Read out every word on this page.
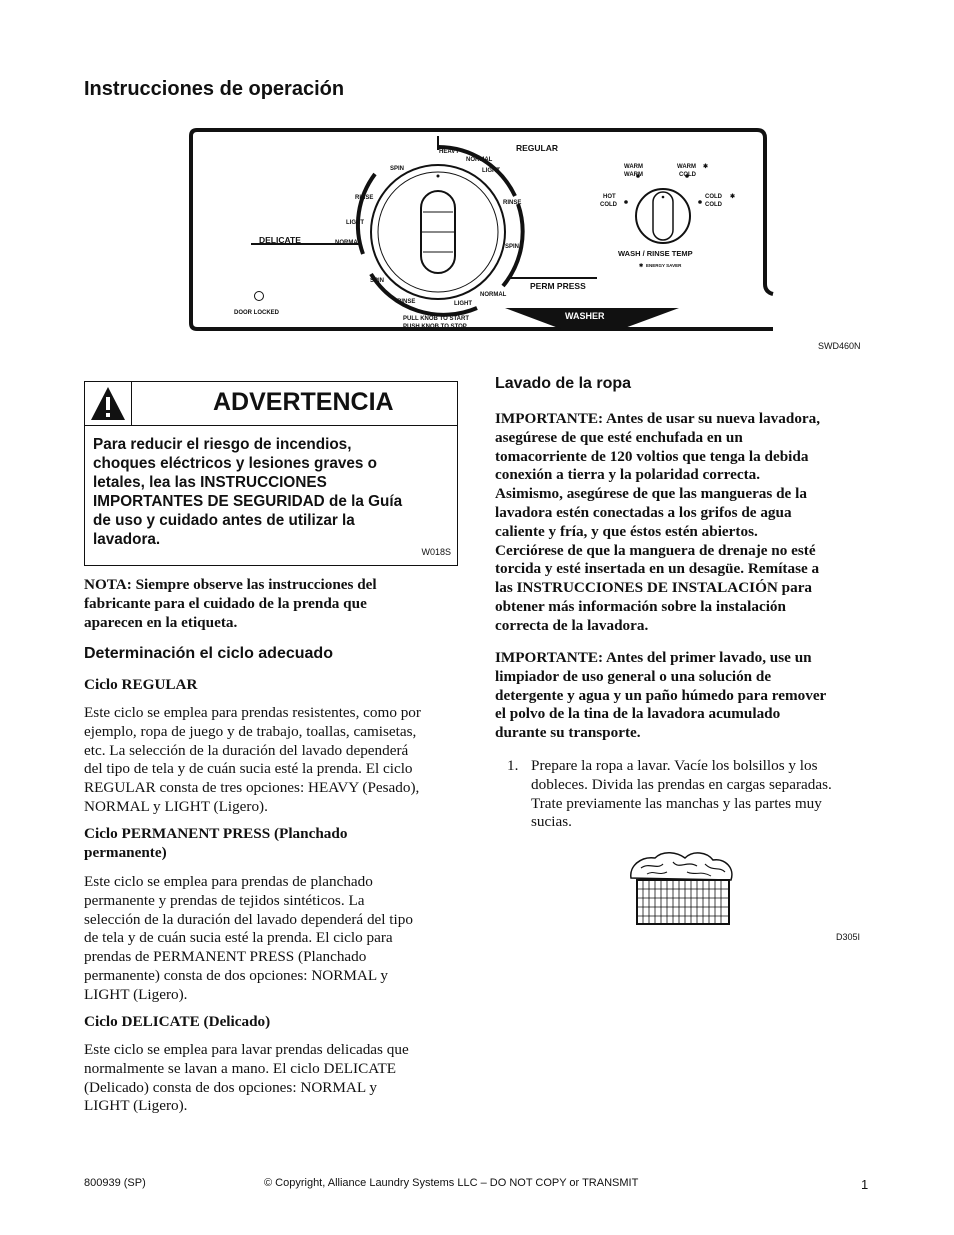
Instrucciones de operación
HEAVY
NORMAL
LIGHT
RINSE
SPIN
SPIN
RINSE
LIGHT
NORMAL
SPIN
RINSE	LIGHT
NORMAL
REGULAR
DELICATE
PERM PRESS
DOOR LOCKED
PULL KNOB TO START
PUSH KNOB TO STOP
WASHER
WARM
WARM
WARM ✱
COLD
HOT
COLD
COLD ✱
COLD
WASH / RINSE TEMP
✱ ENERGY SAVER
SWD460N
ADVERTENCIA
Para reducir el riesgo de incendios,
choques eléctricos y lesiones graves o
letales, lea las INSTRUCCIONES
IMPORTANTES DE SEGURIDAD de la Guía
de uso y cuidado antes de utilizar la
lavadora.
W018S
NOTA: Siempre observe las instrucciones del
fabricante para el cuidado de la prenda que
aparecen en la etiqueta.
Determinación el ciclo adecuado
Ciclo REGULAR
Este ciclo se emplea para prendas resistentes, como por
ejemplo, ropa de juego y de trabajo, toallas, camisetas,
etc. La selección de la duración del lavado dependerá
del tipo de tela y de cuán sucia esté la prenda. El ciclo
REGULAR consta de tres opciones: HEAVY (Pesado),
NORMAL y LIGHT (Ligero).
Ciclo PERMANENT PRESS (Planchado
permanente)
Este ciclo se emplea para prendas de planchado
permanente y prendas de tejidos sintéticos. La
selección de la duración del lavado dependerá del tipo
de tela y de cuán sucia esté la prenda. El ciclo para
prendas de PERMANENT PRESS (Planchado
permanente) consta de dos opciones: NORMAL y
LIGHT (Ligero).
Ciclo DELICATE (Delicado)
Este ciclo se emplea para lavar prendas delicadas que
normalmente se lavan a mano. El ciclo DELICATE
(Delicado) consta de dos opciones: NORMAL y
LIGHT (Ligero).
Lavado de la ropa
IMPORTANTE: Antes de usar su nueva lavadora,
asegúrese de que esté enchufada en un
tomacorriente de 120 voltios que tenga la debida
conexión a tierra y la polaridad correcta.
Asimismo, asegúrese de que las mangueras de la
lavadora estén conectadas a los grifos de agua
caliente y fría, y que éstos estén abiertos.
Cerciórese de que la manguera de drenaje no esté
torcida y esté insertada en un desagüe. Remítase a
las INSTRUCCIONES DE INSTALACIÓN para
obtener más información sobre la instalación
correcta de la lavadora.
IMPORTANTE: Antes del primer lavado, use un
limpiador de uso general o una solución de
detergente y agua y un paño húmedo para remover
el polvo de la tina de la lavadora acumulado
durante su transporte.
1. Prepare la ropa a lavar. Vacíe los bolsillos y los
dobleces. Divida las prendas en cargas separadas.
Trate previamente las manchas y las partes muy
sucias.
D305I
800939 (SP)	© Copyright, Alliance Laundry Systems LLC – DO NOT COPY or TRANSMIT	1
